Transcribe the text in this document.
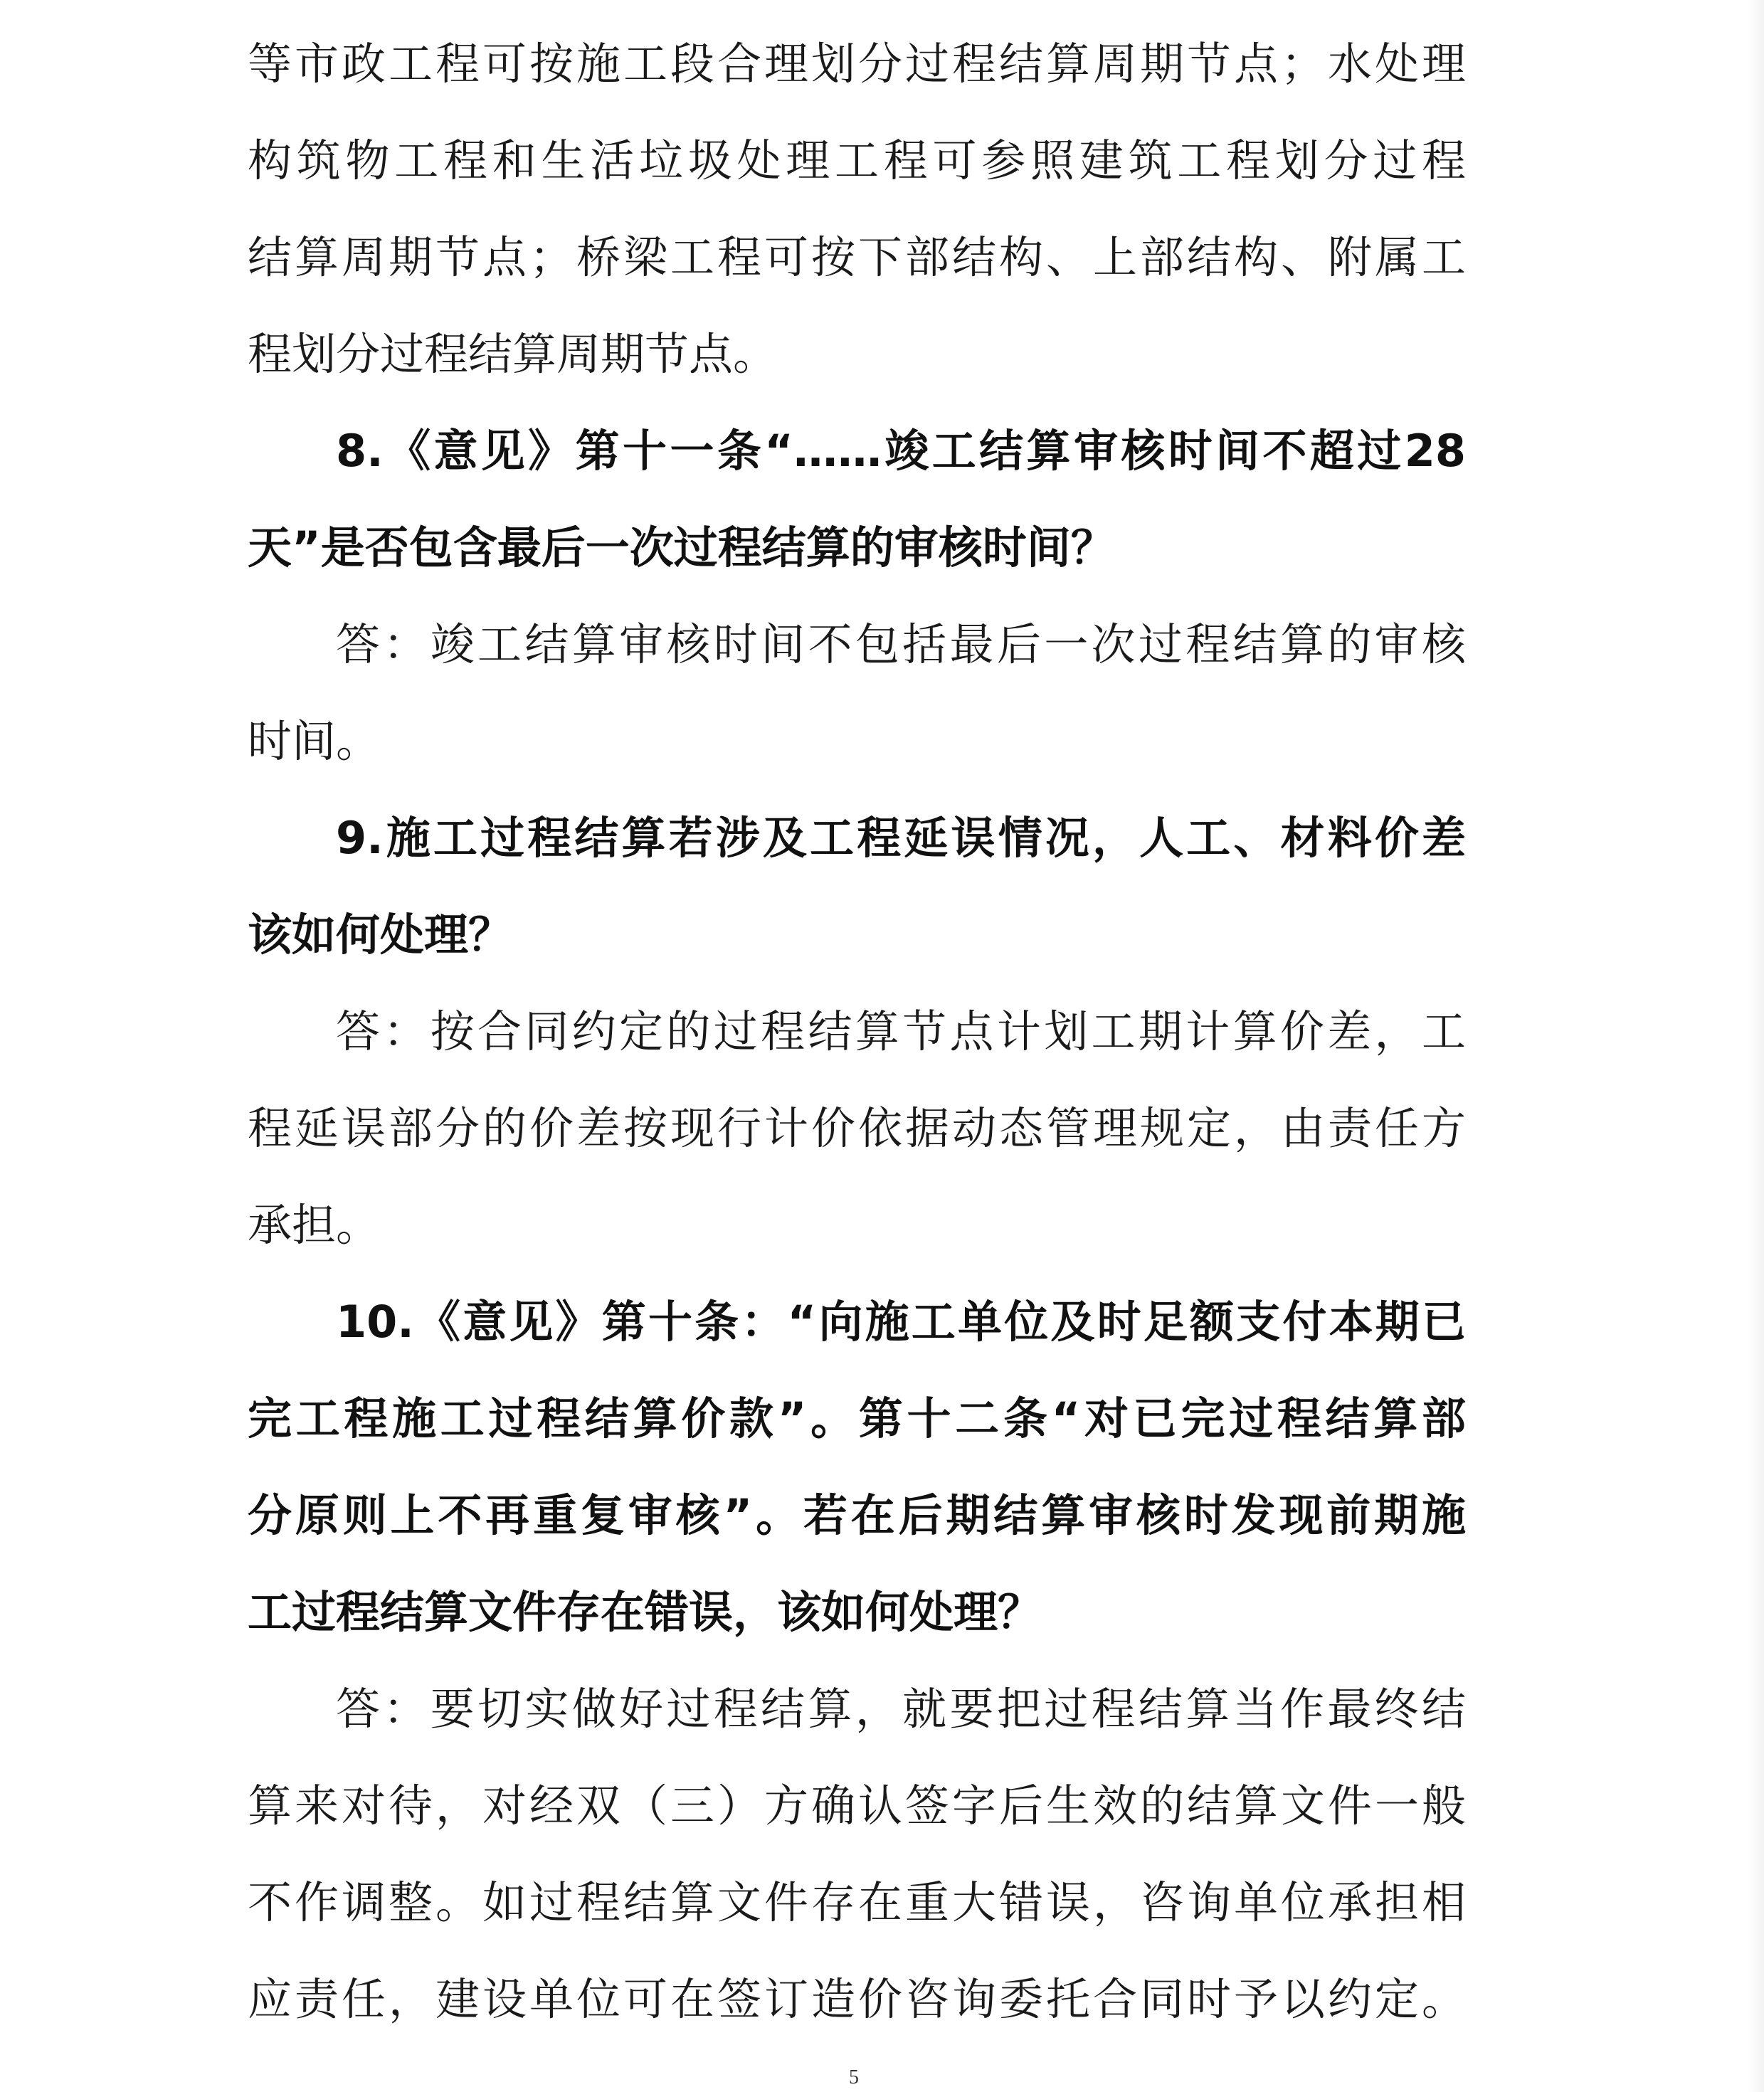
等市政工程可按施工段合理划分过程结算周期节点；水处理
构筑物工程和生活垃圾处理工程可参照建筑工程划分过程
结算周期节点；桥梁工程可按下部结构、上部结构、附属工
程划分过程结算周期节点。
8.《意见》第十一条“……竣工结算审核时间不超过28
天”是否包含最后一次过程结算的审核时间？
答：竣工结算审核时间不包括最后一次过程结算的审核
时间。
9.施工过程结算若涉及工程延误情况，人工、材料价差
该如何处理？
答：按合同约定的过程结算节点计划工期计算价差，工
程延误部分的价差按现行计价依据动态管理规定，由责任方
承担。
10.《意见》第十条：“向施工单位及时足额支付本期已
完工程施工过程结算价款”。第十二条“对已完过程结算部
分原则上不再重复审核”。若在后期结算审核时发现前期施
工过程结算文件存在错误，该如何处理？
答：要切实做好过程结算，就要把过程结算当作最终结
算来对待，对经双（三）方确认签字后生效的结算文件一般
不作调整。如过程结算文件存在重大错误，咨询单位承担相
应责任，建设单位可在签订造价咨询委托合同时予以约定。
5
